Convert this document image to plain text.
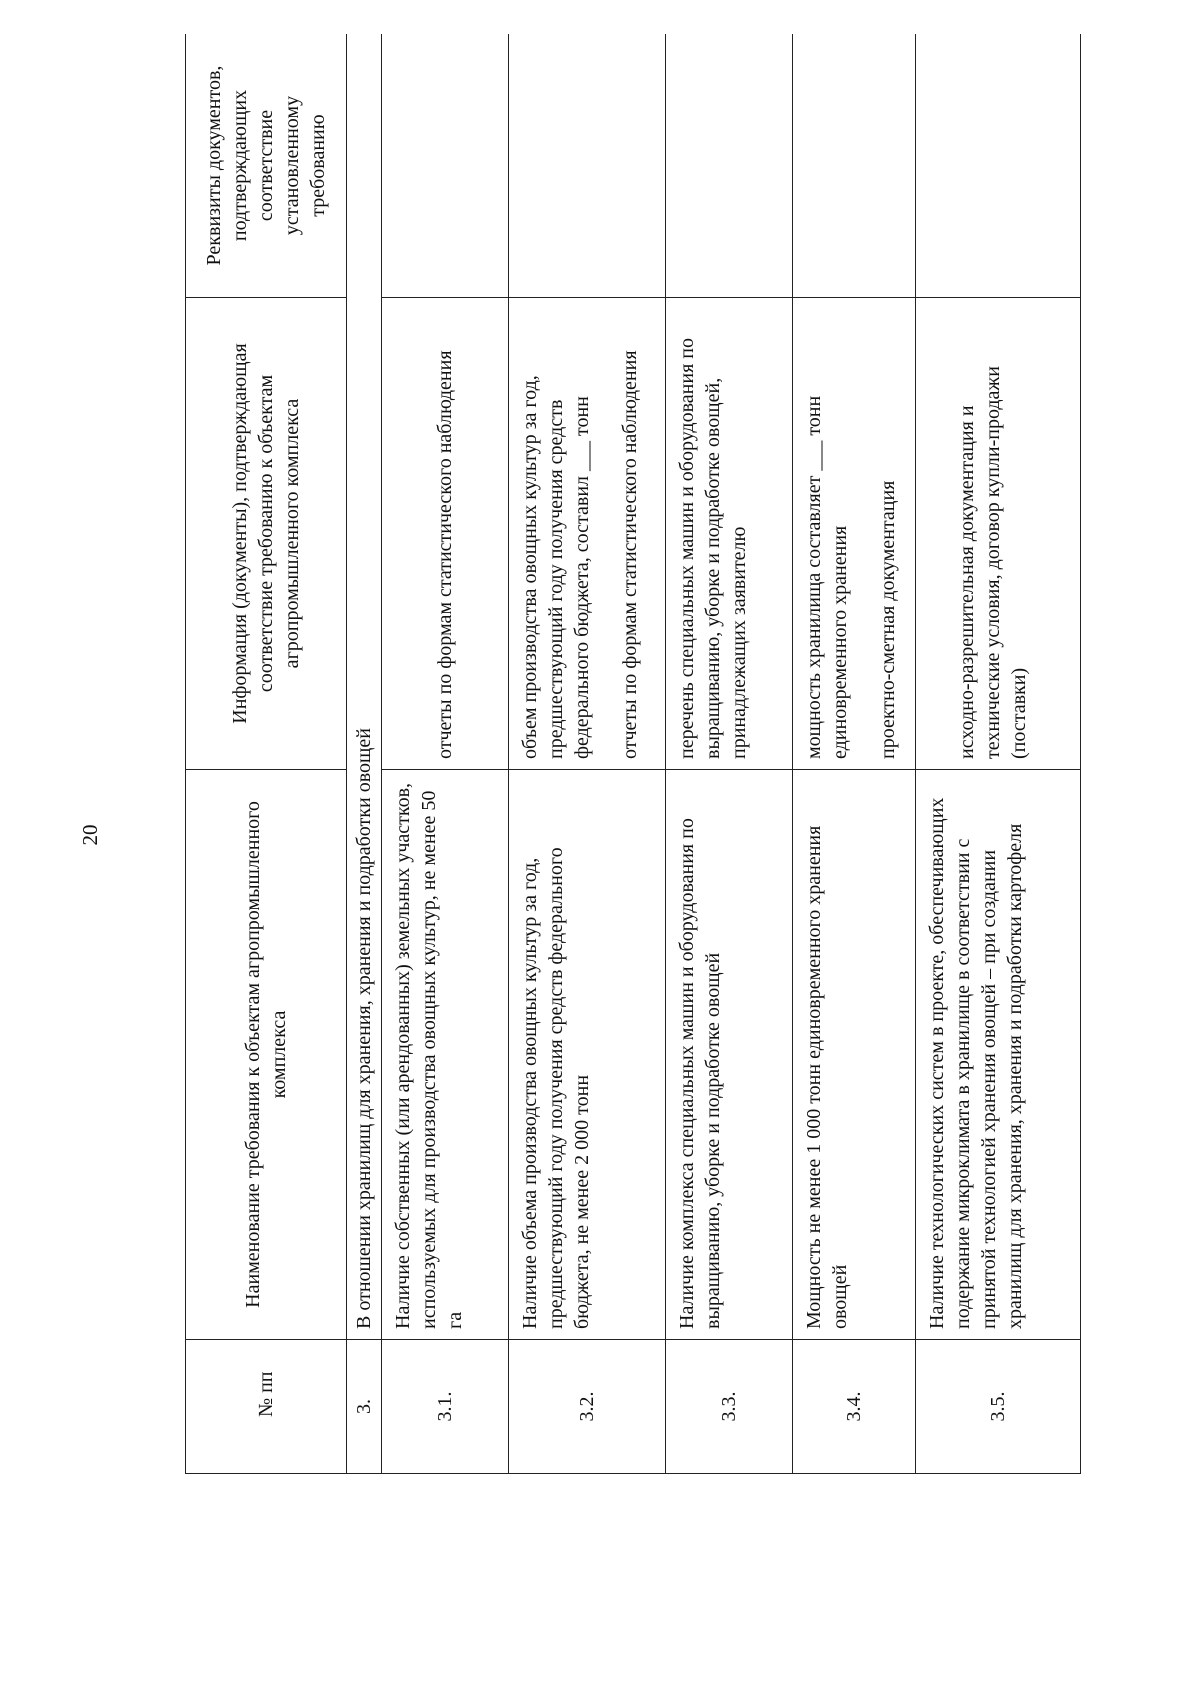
20
№ пп	Наименование требования к объектам агропромышленного комплекса	Информация (документы), подтверждающая соответствие требованию к объектам агропромышленного комплекса	Реквизиты документов, подтверждающих соответствие установленному требованию
3.	В отношении хранилищ для хранения, хранения и подработки овощей		
3.1.	Наличие собственных (или арендованных) земельных участков, используемых для производства овощных культур, не менее 50 га	отчеты по формам статистического наблюдения	
3.2.	Наличие объема производства овощных культур за год, предшествующий году получения средств федерального бюджета, не менее 2 000 тонн	объем производства овощных культур за год, предшествующий году получения средств федерального бюджета, составил ___ тонн отчеты по формам статистического наблюдения	
3.3.	Наличие комплекса специальных машин и оборудования по выращиванию, уборке и подработке овощей	перечень специальных машин и оборудования по выращиванию, уборке и подработке овощей, принадлежащих заявителю	
3.4.	Мощность не менее 1 000 тонн единовременного хранения овощей	мощность хранилища составляет ___ тонн единовременного хранения проектно-сметная документация	
3.5.	Наличие технологических систем в проекте, обеспечивающих подержание микроклимата в хранилище в соответствии с принятой технологией хранения овощей – при создании хранилищ для хранения, хранения и подработки картофеля	исходно-разрешительная документация и технические условия, договор купли-продажи (поставки)	
